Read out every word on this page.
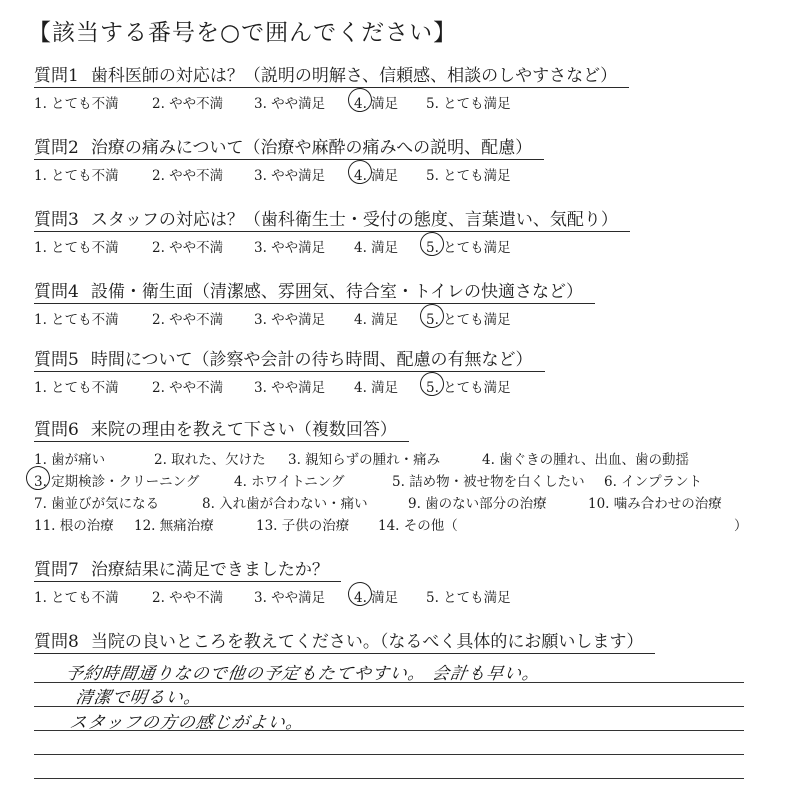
【該当する番号を○で囲んでください】
質問1 歯科医師の対応は？（説明の明解さ、信頼感、相談のしやすさなど）
1. とても不満 2. やや不満 3. やや満足 4. 満足 5. とても満足
質問2 治療の痛みについて（治療や麻酔の痛みへの説明、配慮）
1. とても不満 2. やや不満 3. やや満足 4. 満足 5. とても満足
質問3 スタッフの対応は？（歯科衛生士・受付の態度、言葉遣い、気配り）
1. とても不満 2. やや不満 3. やや満足 4. 満足 5. とても満足
質問4 設備・衛生面（清潔感、雰囲気、待合室・トイレの快適さなど）
1. とても不満 2. やや不満 3. やや満足 4. 満足 5. とても満足
質問5 時間について（診察や会計の待ち時間、配慮の有無など）
1. とても不満 2. やや不満 3. やや満足 4. 満足 5. とても満足
質問6 来院の理由を教えて下さい（複数回答）
1. 歯が痛い	2. 取れた、欠けた 3. 親知らずの腫れ・痛み	4. 歯ぐきの腫れ、出血、歯の動揺
3. 定期検診・クリーニング	4. ホワイトニング	5. 詰め物・被せ物を白くしたい 6. インプラント
7. 歯並びが気になる	8. 入れ歯が合わない・痛い	9. 歯のない部分の治療	10. 噛み合わせの治療
11. 根の治療 12. 無痛治療	13. 子供の治療 14. その他（	）
質問7 治療結果に満足できましたか？
1. とても不満 2. やや不満 3. やや満足 4. 満足 5. とても満足
質問8 当院の良いところを教えてください。（なるべく具体的にお願いします）
予約時間通りなので他の予定もたてやすい。 会計も早い。
清潔で明るい。
スタッフの方の感じがよい。
